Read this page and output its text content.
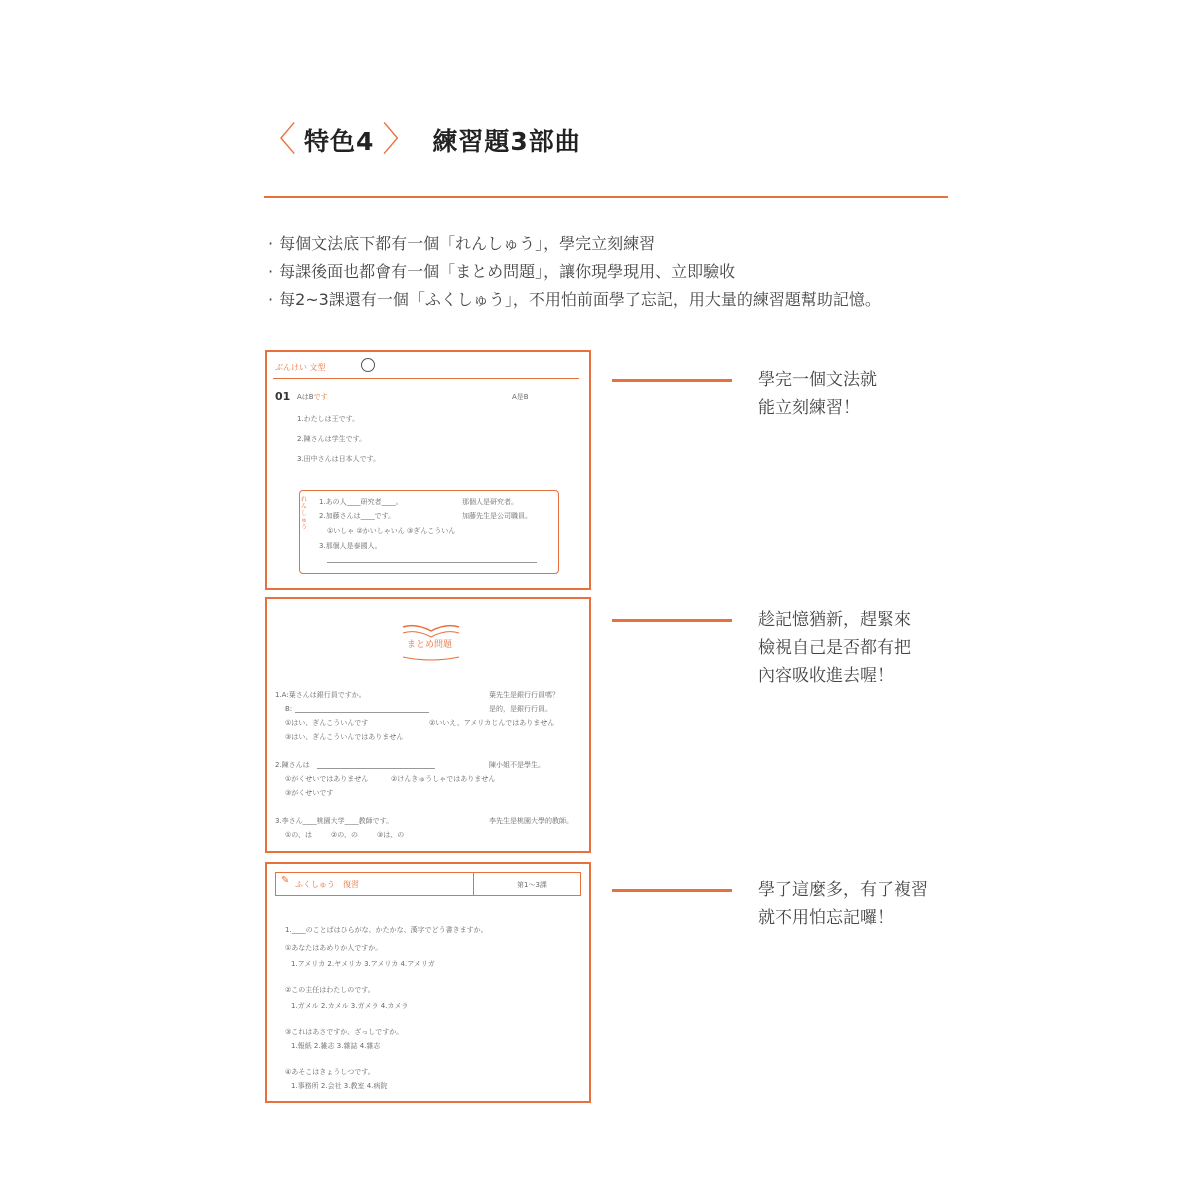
〈 特色4 〉 練習題3部曲
· 每個文法底下都有一個「れんしゅう」，學完立刻練習
· 每課後面也都會有一個「まとめ問題」，讓你現學現用、立即驗收
· 每2~3課還有一個「ふくしゅう」，不用怕前面學了忘記，用大量的練習題幫助記憶。
ぶんけい 文型
01 AはBです	A是B
1.わたしは王です。
2.陳さんは学生です。
3.田中さんは日本人です。
れんしゅう
1.あの人____研究者____。	那個人是研究者。
2.加藤さんは____です。	加藤先生是公司職員。
①いしゃ ②かいしゃいん ③ぎんこういん
3.那個人是泰國人。
まとめ問題
1.A:葉さんは銀行員ですか。	葉先生是銀行行員嗎？
B:	是的，是銀行行員。
①はい、ぎんこういんです	②いいえ、アメリカじんではありません
③はい、ぎんこういんではありません
2.陳さんは	陳小姐不是學生。
①がくせいではありません	②けんきゅうしゃではありません
③がくせいです
3.李さん____桃園大学____教師です。	李先生是桃園大學的教師。
①の、は	②の、の	③は、の
✎ ふくしゅう　復習	第1～3課
1.____のことばはひらがな、かたかな、漢字でどう書きますか。
①あなたはあめりか人ですか。
1.アメリカ 2.ヤメリカ 3.アメリカ 4.アメリガ
②この主任はわたしのです。
1.ガメル 2.カメル 3.ガメラ 4.カメラ
③これはあさですか、ざっしですか。
1.報紙 2.雑志 3.雜誌 4.雜志
④あそこはきょうしつです。
1.事務所 2.会社 3.教室 4.病院
學完一個文法就
能立刻練習！
趁記憶猶新，趕緊來
檢視自己是否都有把
內容吸收進去喔！
學了這麼多，有了複習
就不用怕忘記囉！
